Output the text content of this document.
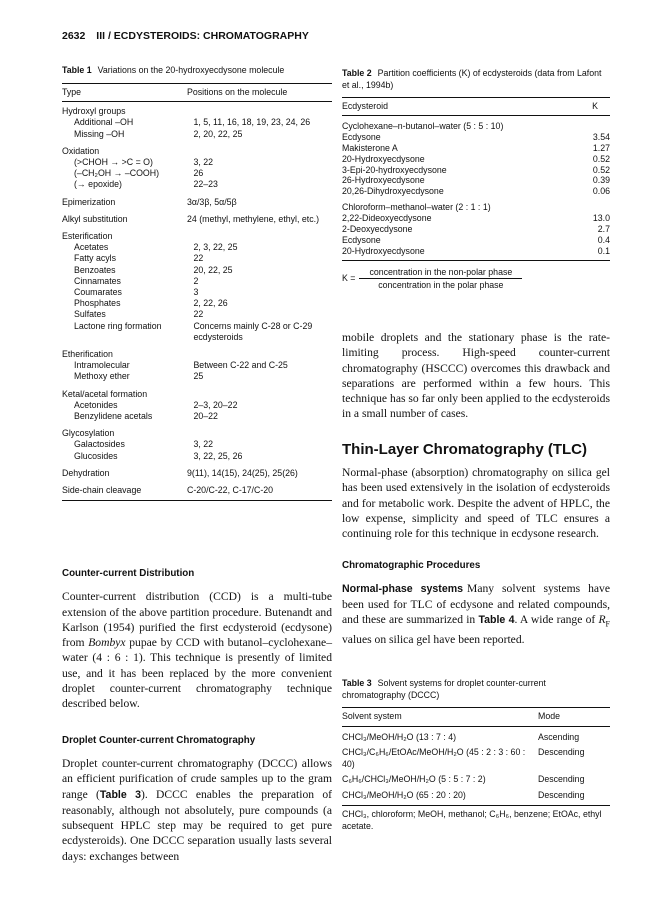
2632 III / ECDYSTEROIDS: CHROMATOGRAPHY
Table 1 Variations on the 20-hydroxyecdysone molecule
Type	Positions on the molecule
Hydroxyl groups
Additional –OH	1, 5, 11, 16, 18, 19, 23, 24, 26
Missing –OH	2, 20, 22, 25
Oxidation
(>CHOH → >C = O)	3, 22
(–CH₂OH → –COOH)	26
(→ epoxide)	22–23
Epimerization	3α/3β, 5α/5β
Alkyl substitution	24 (methyl, methylene, ethyl, etc.)
Esterification
Acetates	2, 3, 22, 25
Fatty acyls	22
Benzoates	20, 22, 25
Cinnamates	2
Coumarates	3
Phosphates	2, 22, 26
Sulfates	22
Lactone ring formation	Concerns mainly C-28 or C-29 ecdysteroids
Etherification
Intramolecular	Between C-22 and C-25
Methoxy ether	25
Ketal/acetal formation
Acetonides	2–3, 20–22
Benzylidene acetals	20–22
Glycosylation
Galactosides	3, 22
Glucosides	3, 22, 25, 26
Dehydration	9(11), 14(15), 24(25), 25(26)
Side-chain cleavage	C-20/C-22, C-17/C-20
Counter-current Distribution

Counter-current distribution (CCD) is a multi-tube extension of the above partition procedure. Butenandt and Karlson (1954) purified the first ecdysteroid (ecdysone) from Bombyx pupae by CCD with butanol–cyclohexane–water (4 : 6 : 1). This technique is presently of limited use, and it has been replaced by the more convenient droplet counter-current chromatography technique described below.

Droplet Counter-current Chromatography

Droplet counter-current chromatography (DCCC) allows an efficient purification of crude samples up to the gram range (Table 3). DCCC enables the preparation of reasonably, although not absolutely, pure compounds (a subsequent HPLC step may be required to get pure ecdysteroids). One DCCC separation usually lasts several days: exchanges between

Table 2 Partition coefficients (K) of ecdysteroids (data from Lafont et al., 1994b)
Ecdysteroid	K
Cyclohexane–n-butanol–water (5 : 5 : 10)
Ecdysone	3.54
Makisterone A	1.27
20-Hydroxyecdysone	0.52
3-Epi-20-hydroxyecdysone	0.52
26-Hydroxyecdysone	0.39
20,26-Dihydroxyecdysone	0.06
Chloroform–methanol–water (2 : 1 : 1)
2,22-Dideoxyecdysone	13.0
2-Deoxyecdysone	2.7
Ecdysone	0.4
20-Hydroxyecdysone	0.1
$K = \frac{\text{concentration in the non-polar phase}}{\text{concentration in the polar phase}}$

mobile droplets and the stationary phase is the rate-limiting process. High-speed counter-current chromatography (HSCCC) overcomes this drawback and separations are performed within a few hours. This technique has so far only been applied to the ecdysteroids in a small number of cases.

Thin-Layer Chromatography (TLC)

Normal-phase (absorption) chromatography on silica gel has been used extensively in the isolation of ecdysteroids and for metabolic work. Despite the advent of HPLC, the low expense, simplicity and speed of TLC ensures a continuing role for this technique in ecdysone research.

Chromatographic Procedures

Normal-phase systems Many solvent systems have been used for TLC of ecdysone and related compounds, and these are summarized in Table 4. A wide range of $R_F$ values on silica gel have been reported.

Table 3 Solvent systems for droplet counter-current chromatography (DCCC)
Solvent system	Mode
CHCl₃/MeOH/H₂O (13 : 7 : 4)	Ascending
CHCl₃/C₆H₆/EtOAc/MeOH/H₂O (45 : 2 : 3 : 60 : 40)
Descending
C₆H₆/CHCl₃/MeOH/H₂O (5 : 5 : 7 : 2)	Descending
CHCl₃/MeOH/H₂O (65 : 20 : 20)	Descending
CHCl₃, chloroform; MeOH, methanol; C₆H₆, benzene; EtOAc, ethyl acetate.
